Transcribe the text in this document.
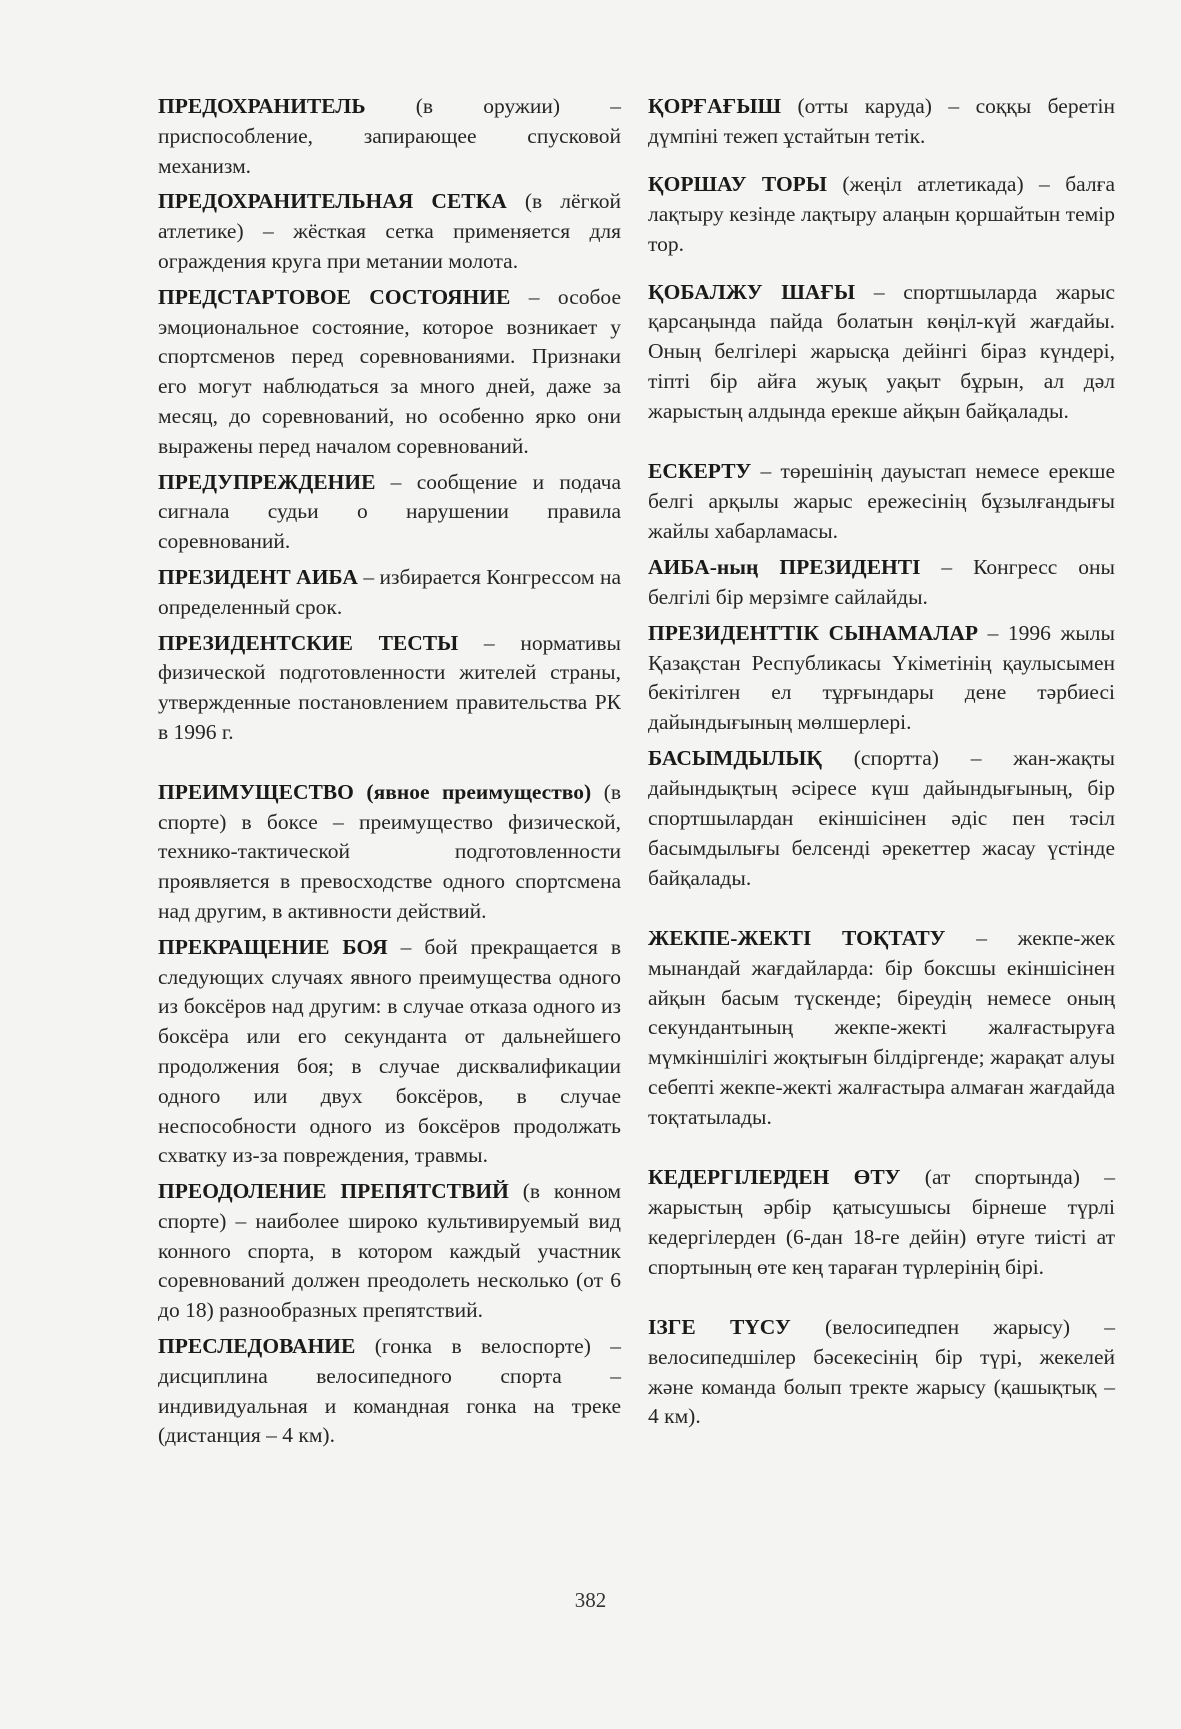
ПРЕДОХРАНИТЕЛЬ (в оружии) – приспособление, запирающее спусковой механизм.

ПРЕДОХРАНИТЕЛЬНАЯ СЕТКА (в лёгкой атлетике) – жёсткая сетка применяется для ограждения круга при метании молота.

ПРЕДСТАРТОВОЕ СОСТОЯНИЕ – особое эмоциональное состояние, которое возникает у спортсменов перед соревнованиями. Признаки его могут наблюдаться за много дней, даже за месяц, до соревнований, но особенно ярко они выражены перед началом соревнований.

ПРЕДУПРЕЖДЕНИЕ – сообщение и подача сигнала судьи о нарушении правила соревнований.

ПРЕЗИДЕНТ АИБА – избирается Конгрессом на определенный срок.

ПРЕЗИДЕНТСКИЕ ТЕСТЫ – нормативы физической подготовленности жителей страны, утвержденные постановлением правительства РК в 1996 г.

ПРЕИМУЩЕСТВО (явное преимущество) (в спорте) в боксе – преимущество физической, технико-тактической подготовленности проявляется в превосходстве одного спортсмена над другим, в активности действий.

ПРЕКРАЩЕНИЕ БОЯ – бой прекращается в следующих случаях явного преимущества одного из боксёров над другим: в случае отказа одного из боксёра или его секунданта от дальнейшего продолжения боя; в случае дисквалификации одного или двух боксёров, в случае неспособности одного из боксёров продолжать схватку из-за повреждения, травмы.

ПРЕОДОЛЕНИЕ ПРЕПЯТСТВИЙ (в конном спорте) – наиболее широко культивируемый вид конного спорта, в котором каждый участник соревнований должен преодолеть несколько (от 6 до 18) разнообразных препятствий.

ПРЕСЛЕДОВАНИЕ (гонка в велоспорте) – дисциплина велосипедного спорта – индивидуальная и командная гонка на треке (дистанция – 4 км).

ҚОРҒАҒЫШ (отты каруда) – соққы беретін дүмпіні тежеп ұстайтын тетік.

ҚОРШАУ ТОРЫ (жеңіл атлетикада) – балға лақтыру кезінде лақтыру алаңын қоршайтын темір тор.

ҚОБАЛЖУ ШАҒЫ – спортшыларда жарыс қарсаңында пайда болатын көңіл-күй жағдайы. Оның белгілері жарысқа дейінгі біраз күндері, тіпті бір айға жуық уақыт бұрын, ал дәл жарыстың алдында ерекше айқын байқалады.

ЕСКЕРТУ – төрешінің дауыстап немесе ерекше белгі арқылы жарыс ережесінің бұзылғандығы жайлы хабарламасы.

АИБА-ның ПРЕЗИДЕНТІ – Конгресс оны белгілі бір мерзімге сайлайды.

ПРЕЗИДЕНТТІК СЫНАМАЛАР – 1996 жылы Қазақстан Республикасы Үкіметінің қаулысымен бекітілген ел тұрғындары дене тәрбиесі дайындығының мөлшерлері.

БАСЫМДЫЛЫҚ (спортта) – жан-жақты дайындықтың әсіресе күш дайындығының, бір спортшылардан екіншісінен әдіс пен тәсіл басымдылығы белсенді әрекеттер жасау үстінде байқалады.

ЖЕКПЕ-ЖЕКТІ ТОҚТАТУ – жекпе-жек мынандай жағдайларда: бір боксшы екіншісінен айқын басым түскенде; біреудің немесе оның секундантының жекпе-жекті жалғастыруға мүмкіншілігі жоқтығын білдіргенде; жарақат алуы себепті жекпе-жекті жалғастыра алмаған жағдайда тоқтатылады.

КЕДЕРГІЛЕРДЕН ӨТУ (ат спортында) – жарыстың әрбір қатысушысы бірнеше түрлі кедергілерден (6-дан 18-ге дейін) өтуге тиісті ат спортының өте кең тараған түрлерінің бірі.

ІЗГЕ ТҮСУ (велосипедпен жарысу) – велосипедшілер бәсекесінің бір түрі, жекелей және команда болып тректе жарысу (қашықтық – 4 км).

382
